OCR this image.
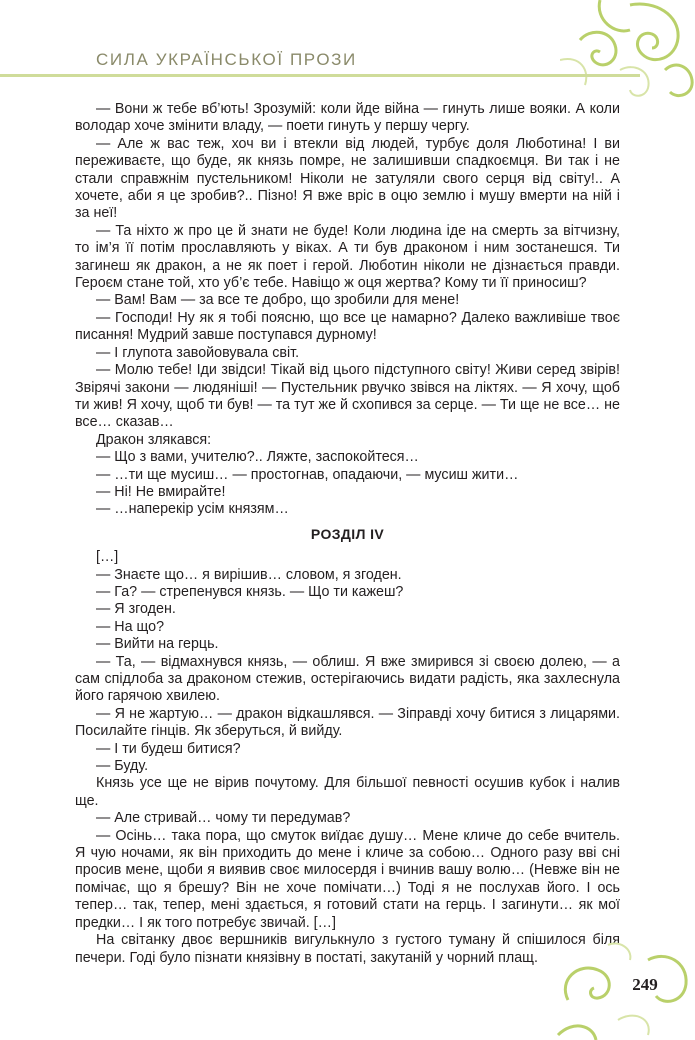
СИЛА УКРАЇНСЬКОЇ ПРОЗИ

— Вони ж тебе вб’ють! Зрозумій: коли йде війна — гинуть лише вояки. А коли володар хоче змінити владу, — поети гинуть у першу чергу.

— Але ж вас теж, хоч ви і втекли від людей, турбує доля Люботина! І ви переживаєте, що буде, як князь помре, не залишивши спадкоємця. Ви так і не стали справжнім пустельником! Ніколи не затуляли свого серця від світу!.. А хочете, аби я це зробив?.. Пізно! Я вже вріс в оцю землю і мушу вмерти на ній і за неї!

— Та ніхто ж про це й знати не буде! Коли людина іде на смерть за вітчизну, то ім’я її потім прославляють у віках. А ти був драконом і ним зостанешся. Ти загинеш як дракон, а не як поет і герой. Люботин ніколи не дізнається правди. Героєм стане той, хто уб’є тебе. Навіщо ж оця жертва? Кому ти її приносиш?

— Вам! Вам — за все те добро, що зробили для мене!

— Господи! Ну як я тобі поясню, що все це намарно? Далеко важливіше твоє писання! Мудрий завше поступався дурному!

— І глупота завойовувала світ.

— Молю тебе! Іди звідси! Тікай від цього підступного світу! Живи серед звірів! Звірячі закони — людяніші! — Пустельник рвучко звівся на ліктях. — Я хочу, щоб ти жив! Я хочу, щоб ти був! — та тут же й схопився за серце. — Ти ще не все… не все… сказав…

Дракон злякався:

— Що з вами, учителю?.. Ляжте, заспокойтеся…

— …ти ще мусиш… — простогнав, опадаючи, — мусиш жити…

— Ні! Не вмирайте!

— …наперекір усім князям…

РОЗДІЛ IV

[…]

— Знаєте що… я вирішив… словом, я згоден.

— Га? — стрепенувся князь. — Що ти кажеш?

— Я згоден.

— На що?

— Вийти на герць.

— Та, — відмахнувся князь, — облиш. Я вже змирився зі своєю долею, — а сам спідлоба за драконом стежив, остерігаючись видати радість, яка захлеснула його гарячою хвилею.

— Я не жартую… — дракон відкашлявся. — Зіправді хочу битися з лицарями. Посилайте гінців. Як зберуться, й вийду.

— І ти будеш битися?

— Буду.

Князь усе ще не вірив почутому. Для більшої певності осушив кубок і налив ще.

— Але стривай… чому ти передумав?

— Осінь… така пора, що смуток виїдає душу… Мене кличе до себе вчитель. Я чую ночами, як він приходить до мене і кличе за собою… Одного разу вві сні просив мене, щоби я виявив своє милосердя і вчинив вашу волю… (Невже він не помічає, що я брешу? Він не хоче помічати…) Тоді я не послухав його. І ось тепер… так, тепер, мені здається, я готовий стати на герць. І загинути… як мої предки… І як того потребує звичай. […]

На світанку двоє вершників вигулькнуло з густого туману й спішилося біля печери. Годі було пізнати князівну в постаті, закутаній у чорний плащ.

249
